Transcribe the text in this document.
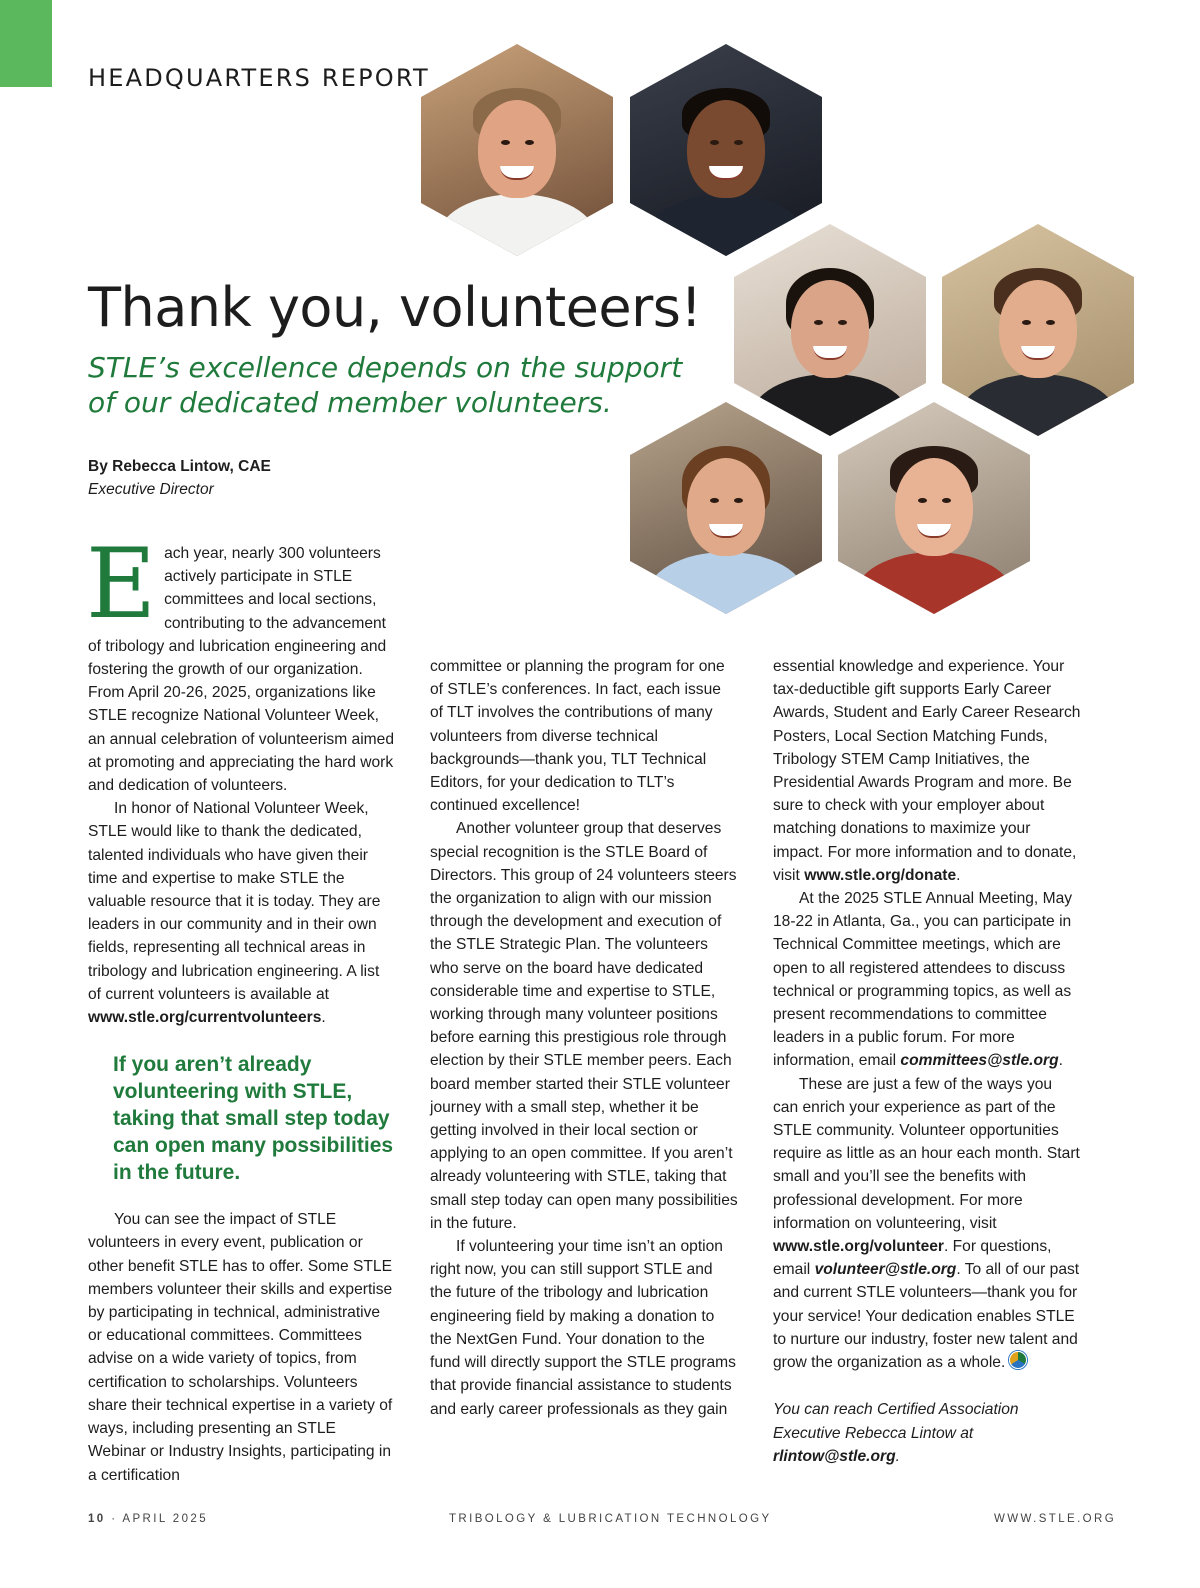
HEADQUARTERS REPORT
Thank you, volunteers!

STLE’s excellence depends on the support of our dedicated member volunteers.

By Rebecca Lintow, CAE
Executive Director

Each year, nearly 300 volunteers actively participate in STLE committees and local sections, contributing to the advancement of tribology and lubrication engineering and fostering the growth of our organization. From April 20-26, 2025, organizations like STLE recognize National Volunteer Week, an annual celebration of volunteerism aimed at promoting and appreciating the hard work and dedication of volunteers.

In honor of National Volunteer Week, STLE would like to thank the dedicated, talented individuals who have given their time and expertise to make STLE the valuable resource that it is today. They are leaders in our community and in their own fields, representing all technical areas in tribology and lubrication engineering. A list of current volunteers is available at www.stle.org/currentvolunteers.

If you aren’t already volunteering with STLE, taking that small step today can open many possibilities in the future.

You can see the impact of STLE volunteers in every event, publication or other benefit STLE has to offer. Some STLE members volunteer their skills and expertise by participating in technical, administrative or educational committees. Committees advise on a wide variety of topics, from certification to scholarships. Volunteers share their technical expertise in a variety of ways, including presenting an STLE Webinar or Industry Insights, participating in a certification

committee or planning the program for one of STLE’s conferences. In fact, each issue of TLT involves the contributions of many volunteers from diverse technical backgrounds—thank you, TLT Technical Editors, for your dedication to TLT’s continued excellence!

Another volunteer group that deserves special recognition is the STLE Board of Directors. This group of 24 volunteers steers the organization to align with our mission through the development and execution of the STLE Strategic Plan. The volunteers who serve on the board have dedicated considerable time and expertise to STLE, working through many volunteer positions before earning this prestigious role through election by their STLE member peers. Each board member started their STLE volunteer journey with a small step, whether it be getting involved in their local section or applying to an open committee. If you aren’t already volunteering with STLE, taking that small step today can open many possibilities in the future.

If volunteering your time isn’t an option right now, you can still support STLE and the future of the tribology and lubrication engineering field by making a donation to the NextGen Fund. Your donation to the fund will directly support the STLE programs that provide financial assistance to students and early career professionals as they gain

essential knowledge and experience. Your tax-deductible gift supports Early Career Awards, Student and Early Career Research Posters, Local Section Matching Funds, Tribology STEM Camp Initiatives, the Presidential Awards Program and more. Be sure to check with your employer about matching donations to maximize your impact. For more information and to donate, visit www.stle.org/donate.

At the 2025 STLE Annual Meeting, May 18-22 in Atlanta, Ga., you can participate in Technical Committee meetings, which are open to all registered attendees to discuss technical or programming topics, as well as present recommendations to committee leaders in a public forum. For more information, email committees@stle.org.

These are just a few of the ways you can enrich your experience as part of the STLE community. Volunteer opportunities require as little as an hour each month. Start small and you’ll see the benefits with professional development. For more information on volunteering, visit www.stle.org/volunteer. For questions, email volunteer@stle.org. To all of our past and current STLE volunteers—thank you for your service! Your dedication enables STLE to nurture our industry, foster new talent and grow the organization as a whole.

You can reach Certified Association Executive Rebecca Lintow at rlintow@stle.org.

10 · APRIL 2025	TRIBOLOGY & LUBRICATION TECHNOLOGY	WWW.STLE.ORG
